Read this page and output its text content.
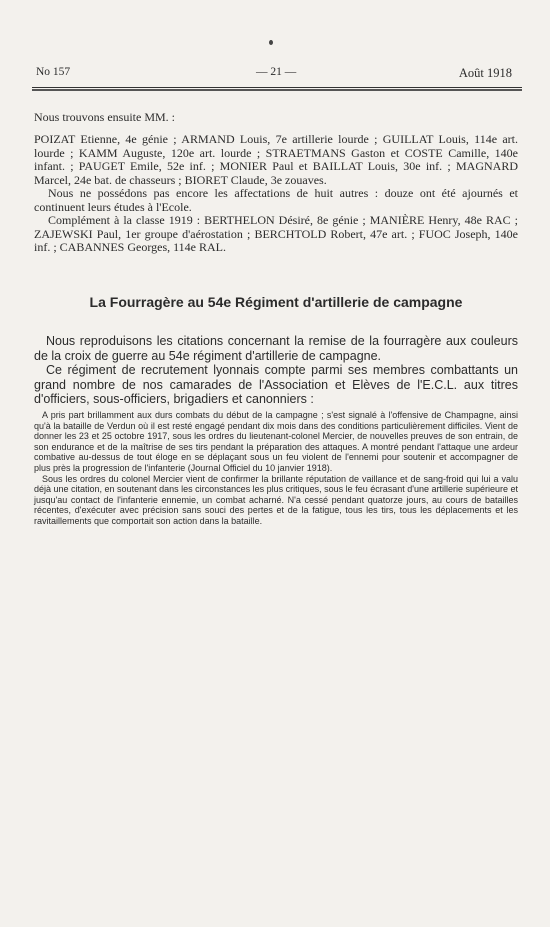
No 157	— 21 —	Août 1918
Nous trouvons ensuite MM. :

POIZAT Etienne, 4e génie ; ARMAND Louis, 7e artillerie lourde ; GUILLAT Louis, 114e art. lourde ; KAMM Auguste, 120e art. lourde ; STRAETMANS Gaston et COSTE Camille, 140e infant. ; PAUGET Emile, 52e inf. ; MONIER Paul et BAILLAT Louis, 30e inf. ; MAGNARD Marcel, 24e bat. de chasseurs ; BIORET Claude, 3e zouaves.

Nous ne possédons pas encore les affectations de huit autres : douze ont été ajournés et continuent leurs études à l'Ecole.

Complément à la classe 1919 : BERTHELON Désiré, 8e génie ; MANIÈRE Henry, 48e RAC ; ZAJEWSKI Paul, 1er groupe d'aérostation ; BERCHTOLD Robert, 47e art. ; FUOC Joseph, 140e inf. ; CABANNES Georges, 114e RAL.

La Fourragère au 54e Régiment d'artillerie de campagne

Nous reproduisons les citations concernant la remise de la fourragère aux couleurs de la croix de guerre au 54e régiment d'artillerie de campagne.

Ce régiment de recrutement lyonnais compte parmi ses membres combattants un grand nombre de nos camarades de l'Association et Elèves de l'E.C.L. aux titres d'officiers, sous-officiers, brigadiers et canonniers :

A pris part brillamment aux durs combats du début de la campagne ; s'est signalé à l'offensive de Champagne, ainsi qu'à la bataille de Verdun où il est resté engagé pendant dix mois dans des conditions particulièrement difficiles. Vient de donner les 23 et 25 octobre 1917, sous les ordres du lieutenant-colonel Mercier, de nouvelles preuves de son entrain, de son endurance et de la maîtrise de ses tirs pendant la préparation des attaques. A montré pendant l'attaque une ardeur combative au-dessus de tout éloge en se déplaçant sous un feu violent de l'ennemi pour soutenir et accompagner de plus près la progression de l'infanterie (Journal Officiel du 10 janvier 1918).

Sous les ordres du colonel Mercier vient de confirmer la brillante réputation de vaillance et de sang-froid qui lui a valu déjà une citation, en soutenant dans les circonstances les plus critiques, sous le feu écrasant d'une artillerie supérieure et jusqu'au contact de l'infanterie ennemie, un combat acharné. N'a cessé pendant quatorze jours, au cours de batailles récentes, d'exécuter avec précision sans souci des pertes et de la fatigue, tous les tirs, tous les déplacements et les ravitaillements que comportait son action dans la bataille.
